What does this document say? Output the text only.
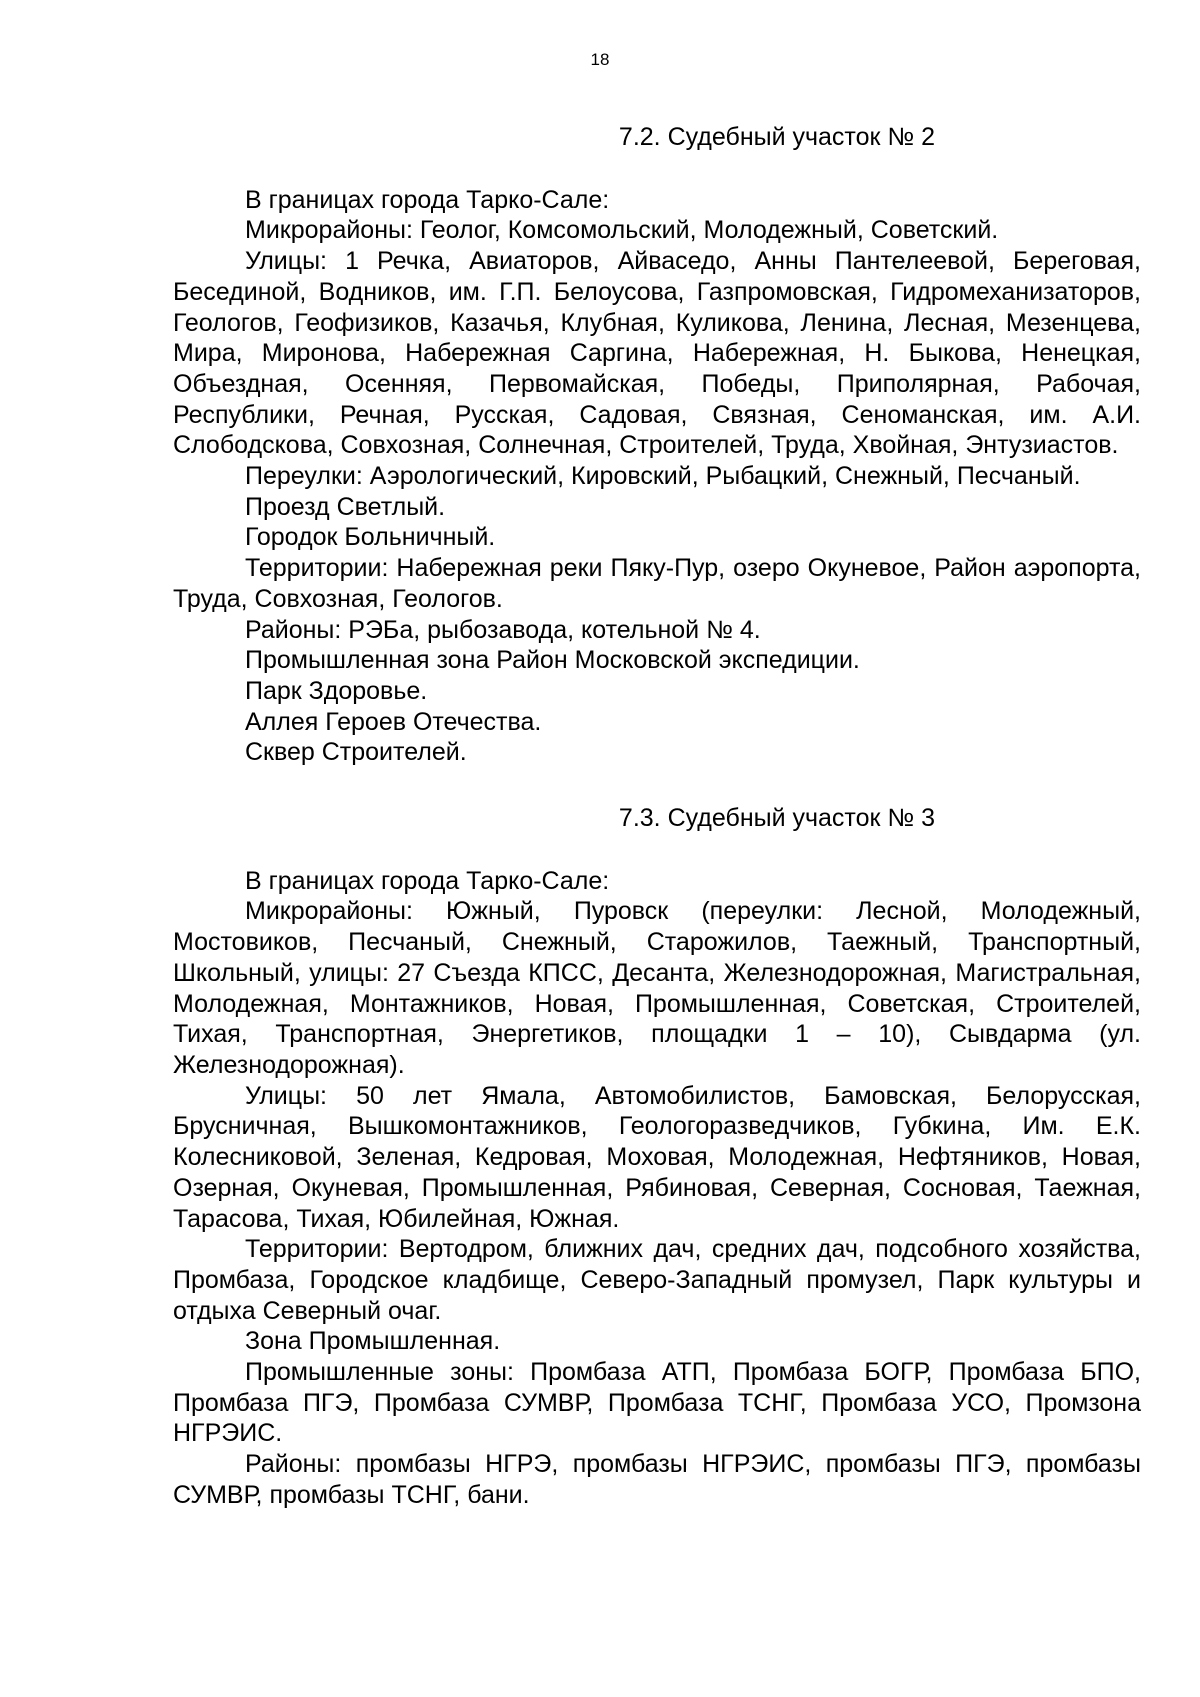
18
7.2. Судебный участок № 2

В границах города Тарко-Сале:

Микрорайоны: Геолог, Комсомольский, Молодежный, Советский.

Улицы: 1 Речка, Авиаторов, Айваседо, Анны Пантелеевой, Береговая, Бесединой, Водников, им. Г.П. Белоусова, Газпромовская, Гидромеханизаторов, Геологов, Геофизиков, Казачья, Клубная, Куликова, Ленина, Лесная, Мезенцева, Мира, Миронова, Набережная Саргина, Набережная, Н. Быкова, Ненецкая, Объездная, Осенняя, Первомайская, Победы, Приполярная, Рабочая, Республики, Речная, Русская, Садовая, Связная, Сеноманская, им. А.И. Слободскова, Совхозная, Солнечная, Строителей, Труда, Хвойная, Энтузиастов.

Переулки: Аэрологический, Кировский, Рыбацкий, Снежный, Песчаный.

Проезд Светлый.

Городок Больничный.

Территории: Набережная реки Пяку-Пур, озеро Окуневое, Район аэропорта, Труда, Совхозная, Геологов.

Районы: РЭБа, рыбозавода, котельной № 4.

Промышленная зона Район Московской экспедиции.

Парк Здоровье.

Аллея Героев Отечества.

Сквер Строителей.

7.3. Судебный участок № 3

В границах города Тарко-Сале:

Микрорайоны: Южный, Пуровск (переулки: Лесной, Молодежный, Мостовиков, Песчаный, Снежный, Старожилов, Таежный, Транспортный, Школьный, улицы: 27 Съезда КПСС, Десанта, Железнодорожная, Магистральная, Молодежная, Монтажников, Новая, Промышленная, Советская, Строителей, Тихая, Транспортная, Энергетиков, площадки 1 – 10), Сывдарма (ул. Железнодорожная).

Улицы: 50 лет Ямала, Автомобилистов, Бамовская, Белорусская, Брусничная, Вышкомонтажников, Геологоразведчиков, Губкина, Им. Е.К. Колесниковой, Зеленая, Кедровая, Моховая, Молодежная, Нефтяников, Новая, Озерная, Окуневая, Промышленная, Рябиновая, Северная, Сосновая, Таежная, Тарасова, Тихая, Юбилейная, Южная.

Территории: Вертодром, ближних дач, средних дач, подсобного хозяйства, Промбаза, Городское кладбище, Северо-Западный промузел, Парк культуры и отдыха Северный очаг.

Зона Промышленная.

Промышленные зоны: Промбаза АТП, Промбаза БОГР, Промбаза БПО, Промбаза ПГЭ, Промбаза СУМВР, Промбаза ТСНГ, Промбаза УСО, Промзона НГРЭИС.

Районы: промбазы НГРЭ, промбазы НГРЭИС, промбазы ПГЭ, промбазы СУМВР, промбазы ТСНГ, бани.
